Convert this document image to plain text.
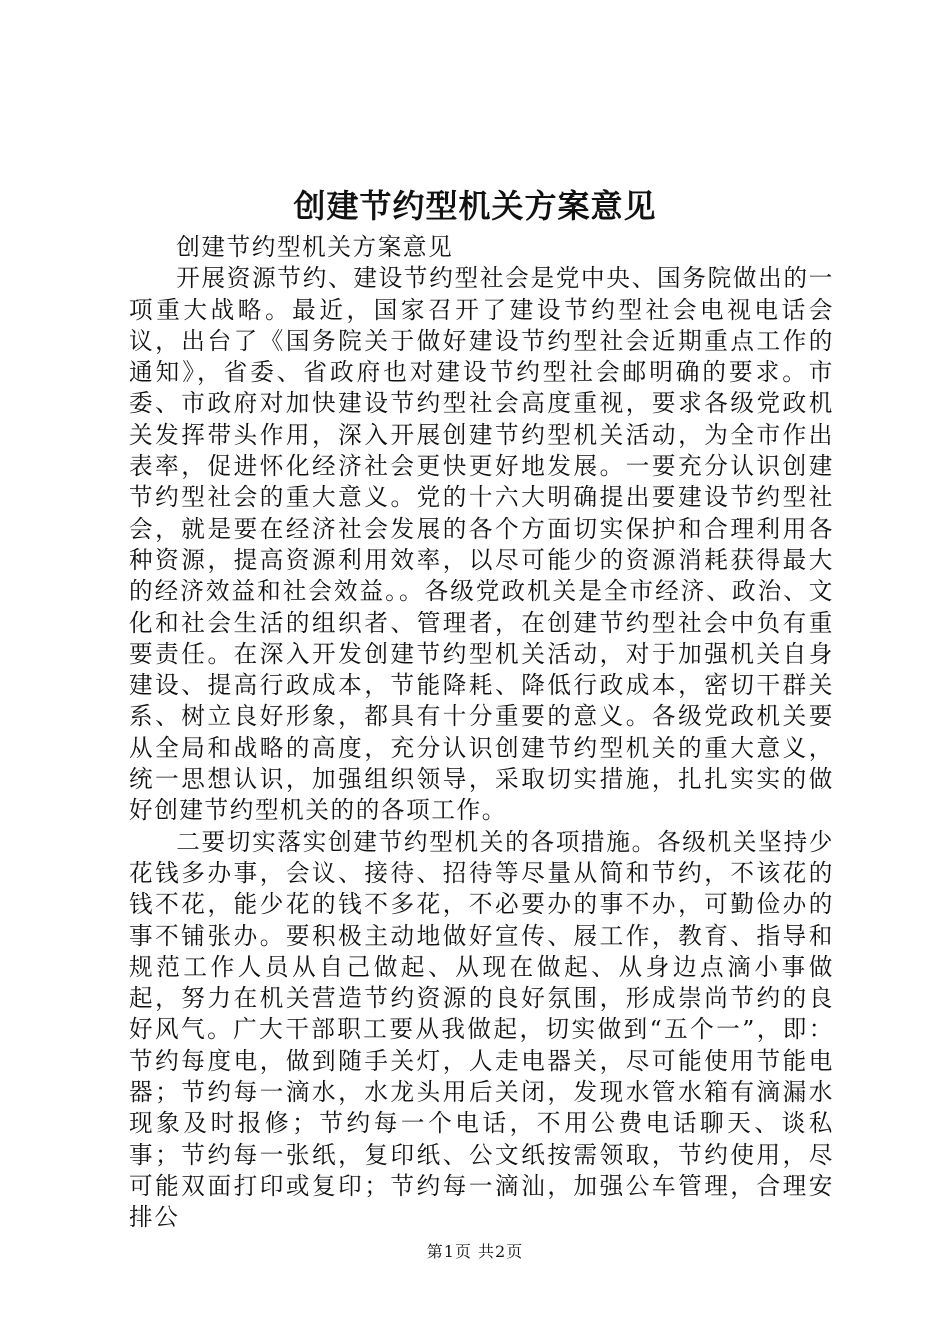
创建节约型机关方案意见

创建节约型机关方案意见

开展资源节约、建设节约型社会是党中央、国务院做出的一项重大战略。最近，国家召开了建设节约型社会电视电话会议，出台了《国务院关于做好建设节约型社会近期重点工作的通知》，省委、省政府也对建设节约型社会邮明确的要求。市委、市政府对加快建设节约型社会高度重视，要求各级党政机关发挥带头作用，深入开展创建节约型机关活动，为全市作出表率，促进怀化经济社会更快更好地发展。一要充分认识创建节约型社会的重大意义。党的十六大明确提出要建设节约型社会，就是要在经济社会发展的各个方面切实保护和合理利用各种资源，提高资源利用效率，以尽可能少的资源消耗获得最大的经济效益和社会效益。。各级党政机关是全市经济、政治、文化和社会生活的组织者、管理者，在创建节约型社会中负有重要责任。在深入开发创建节约型机关活动，对于加强机关自身建设、提高行政成本，节能降耗、降低行政成本，密切干群关系、树立良好形象，都具有十分重要的意义。各级党政机关要从全局和战略的高度，充分认识创建节约型机关的重大意义，统一思想认识，加强组织领导，采取切实措施，扎扎实实的做好创建节约型机关的的各项工作。

二要切实落实创建节约型机关的各项措施。各级机关坚持少花钱多办事，会议、接待、招待等尽量从简和节约，不该花的钱不花，能少花的钱不多花，不必要办的事不办，可勤俭办的事不铺张办。要积极主动地做好宣传、屐工作，教育、指导和规范工作人员从自己做起、从现在做起、从身边点滴小事做起，努力在机关营造节约资源的良好氛围，形成崇尚节约的良好风气。广大干部职工要从我做起，切实做到“五个一”，即：节约每度电，做到随手关灯，人走电器关，尽可能使用节能电器；节约每一滴水，水龙头用后关闭，发现水管水箱有滴漏水现象及时报修；节约每一个电话，不用公费电话聊天、谈私事；节约每一张纸，复印纸、公文纸按需领取，节约使用，尽可能双面打印或复印；节约每一滴汕，加强公车管理，合理安排公

第1页 共2页
